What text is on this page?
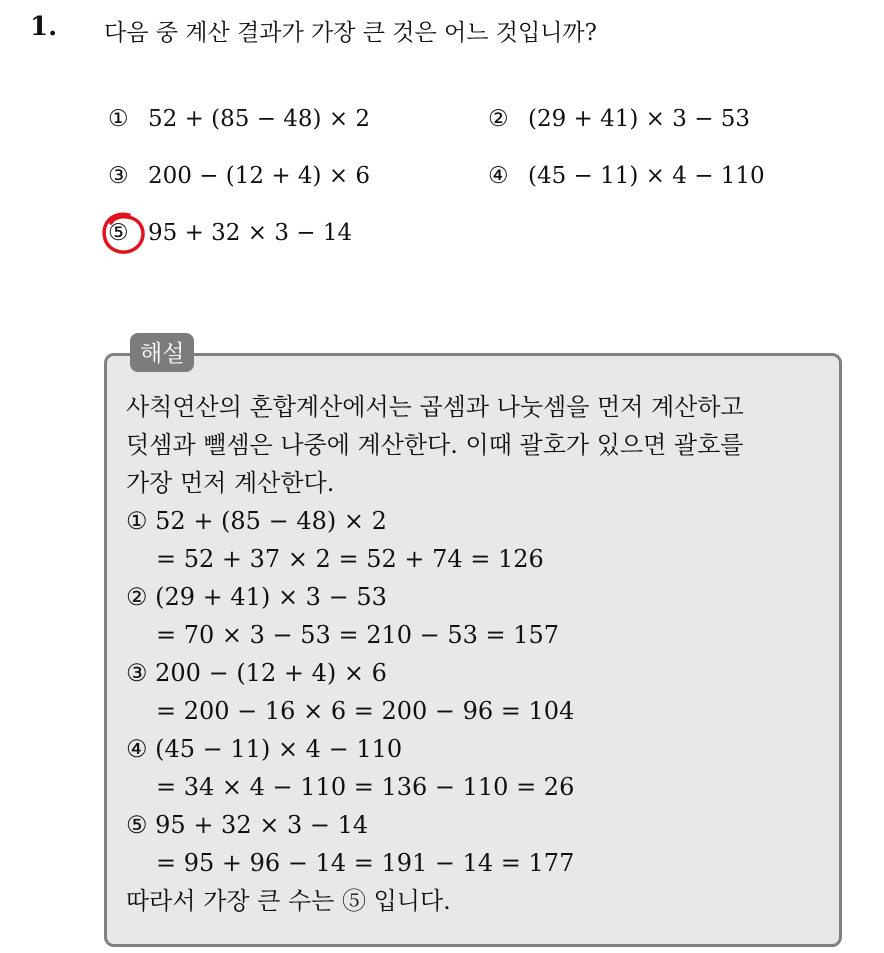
1. 다음 중 계산 결과가 가장 큰 것은 어느 것입니까?
① 52 + (85 − 48) × 2	② (29 + 41) × 3 − 53
③ 200 − (12 + 4) × 6	④ (45 − 11) × 4 − 110
⑤ 95 + 32 × 3 − 14
해설
사칙연산의 혼합계산에서는 곱셈과 나눗셈을 먼저 계산하고
덧셈과 뺄셈은 나중에 계산한다. 이때 괄호가 있으면 괄호를
가장 먼저 계산한다.
① 52 + (85 − 48) × 2
= 52 + 37 × 2 = 52 + 74 = 126
② (29 + 41) × 3 − 53
= 70 × 3 − 53 = 210 − 53 = 157
③ 200 − (12 + 4) × 6
= 200 − 16 × 6 = 200 − 96 = 104
④ (45 − 11) × 4 − 110
= 34 × 4 − 110 = 136 − 110 = 26
⑤ 95 + 32 × 3 − 14
= 95 + 96 − 14 = 191 − 14 = 177
따라서 가장 큰 수는 ⑤ 입니다.
